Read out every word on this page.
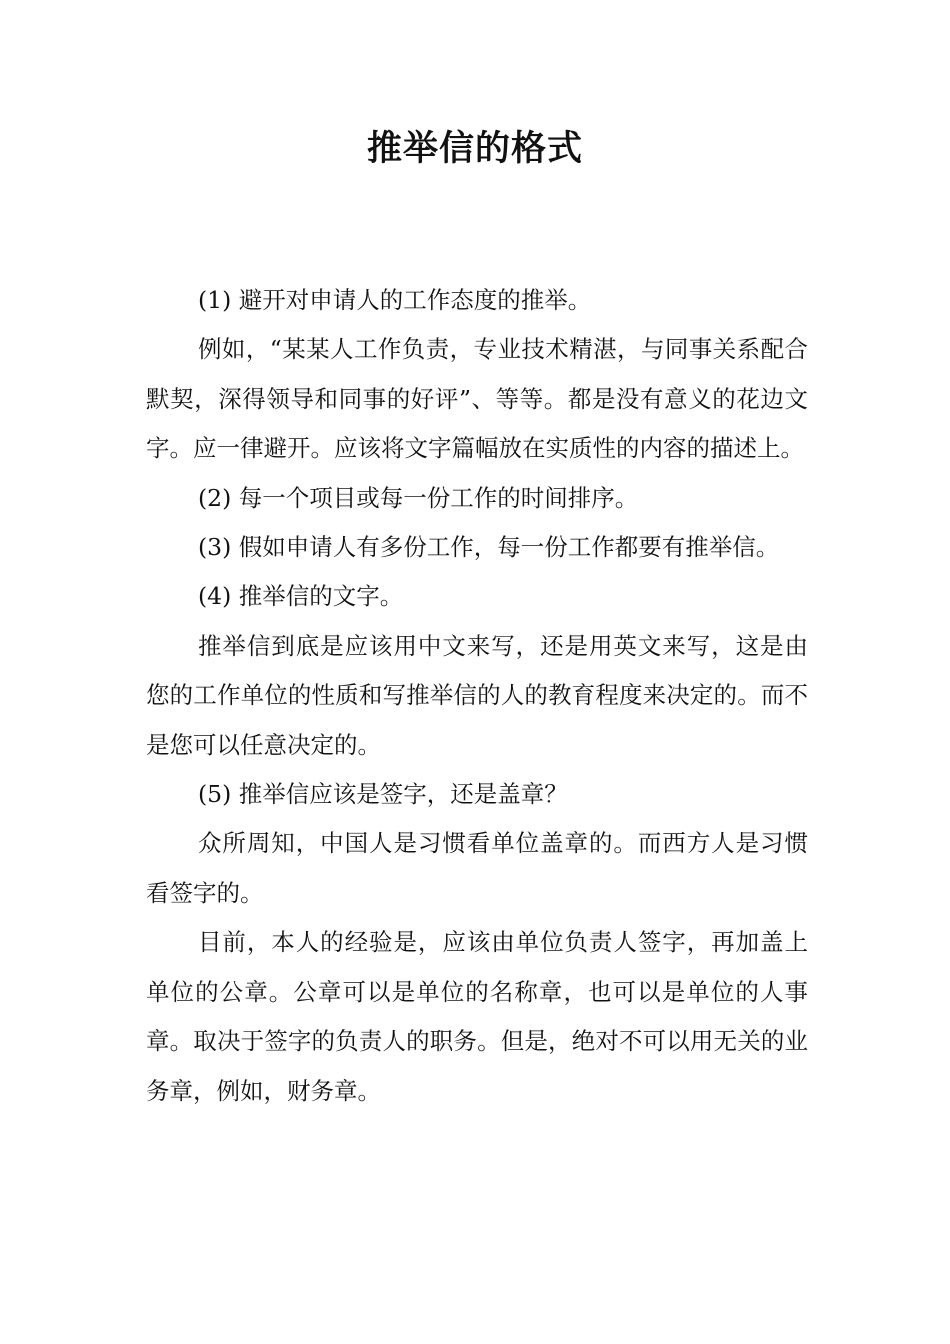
推举信的格式

(1) 避开对申请人的工作态度的推举。

例如，“某某人工作负责，专业技术精湛，与同事关系配合默契，深得领导和同事的好评”、等等。都是没有意义的花边文字。应一律避开。应该将文字篇幅放在实质性的内容的描述上。

(2) 每一个项目或每一份工作的时间排序。

(3) 假如申请人有多份工作，每一份工作都要有推举信。

(4) 推举信的文字。

推举信到底是应该用中文来写，还是用英文来写，这是由您的工作单位的性质和写推举信的人的教育程度来决定的。而不是您可以任意决定的。

(5) 推举信应该是签字，还是盖章？

众所周知，中国人是习惯看单位盖章的。而西方人是习惯看签字的。

目前，本人的经验是，应该由单位负责人签字，再加盖上单位的公章。公章可以是单位的名称章，也可以是单位的人事章。取决于签字的负责人的职务。但是，绝对不可以用无关的业务章，例如，财务章。
